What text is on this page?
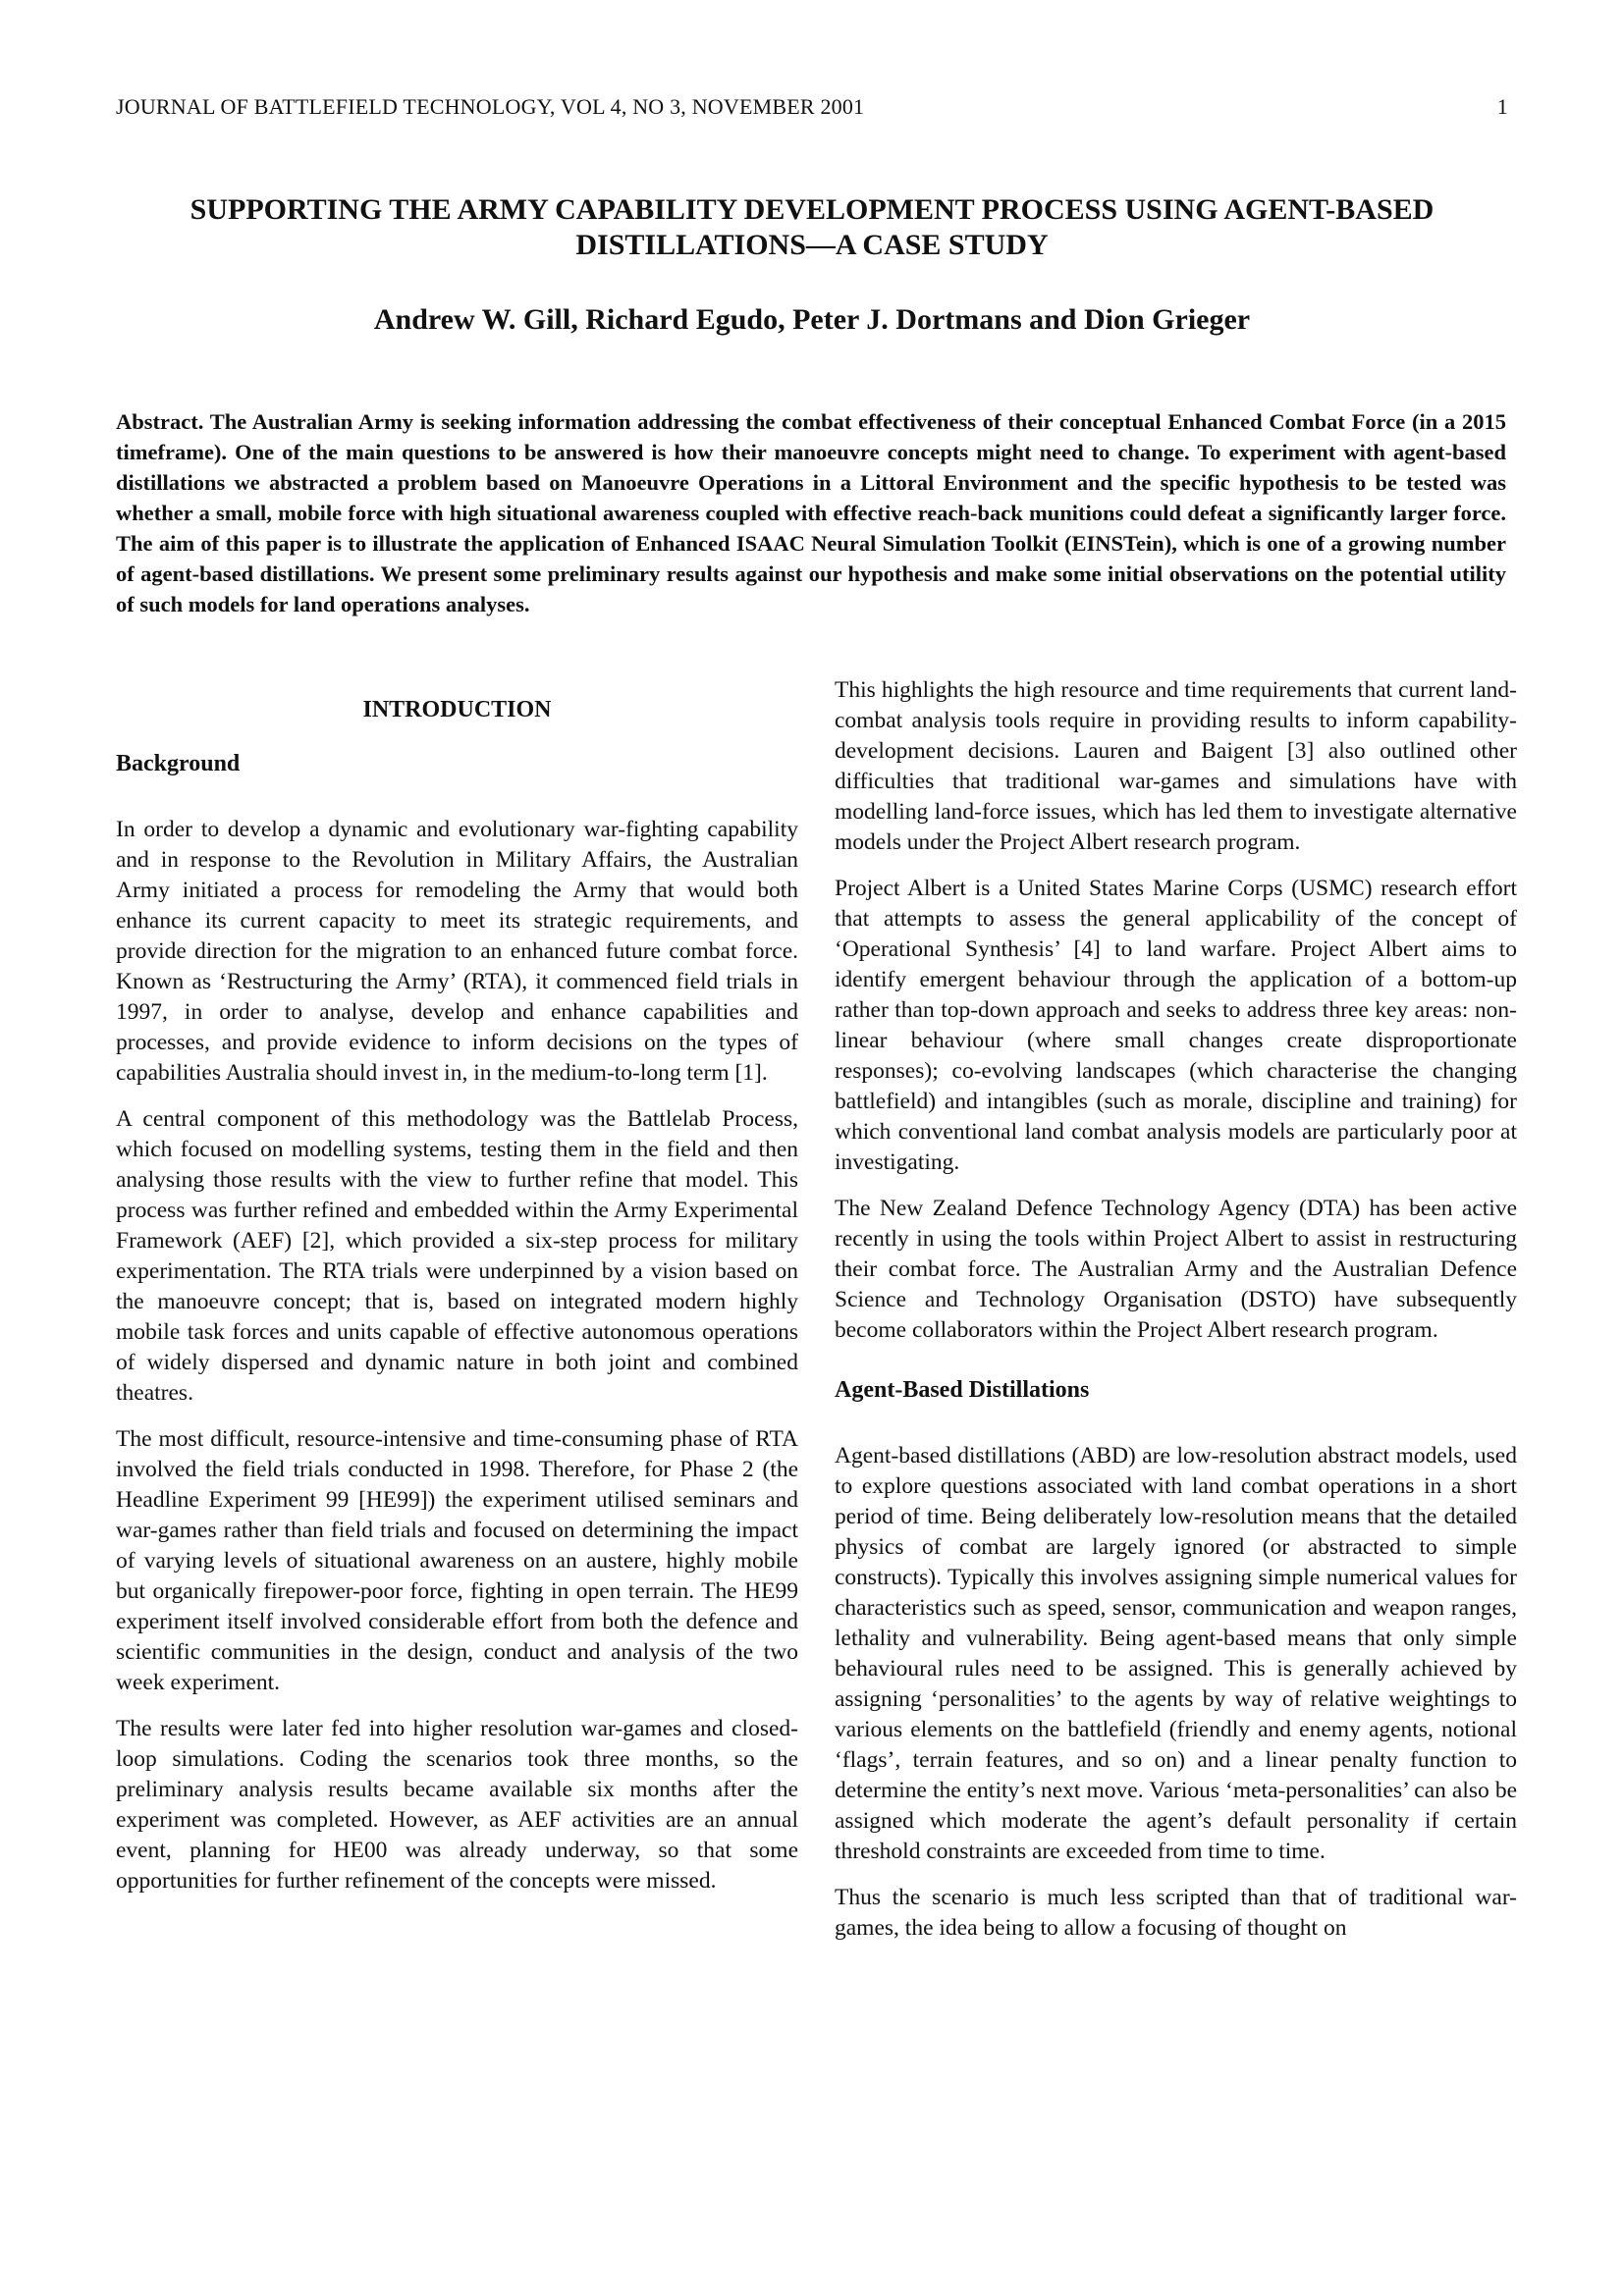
JOURNAL OF BATTLEFIELD TECHNOLOGY, VOL 4, NO 3, NOVEMBER 2001	1
SUPPORTING THE ARMY CAPABILITY DEVELOPMENT PROCESS USING AGENT-BASED DISTILLATIONS—A CASE STUDY
Andrew W. Gill, Richard Egudo, Peter J. Dortmans and Dion Grieger
Abstract. The Australian Army is seeking information addressing the combat effectiveness of their conceptual Enhanced Combat Force (in a 2015 timeframe). One of the main questions to be answered is how their manoeuvre concepts might need to change. To experiment with agent-based distillations we abstracted a problem based on Manoeuvre Operations in a Littoral Environment and the specific hypothesis to be tested was whether a small, mobile force with high situational awareness coupled with effective reach-back munitions could defeat a significantly larger force. The aim of this paper is to illustrate the application of Enhanced ISAAC Neural Simulation Toolkit (EINSTein), which is one of a growing number of agent-based distillations. We present some preliminary results against our hypothesis and make some initial observations on the potential utility of such models for land operations analyses.
INTRODUCTION
Background

In order to develop a dynamic and evolutionary war-fighting capability and in response to the Revolution in Military Affairs, the Australian Army initiated a process for remodeling the Army that would both enhance its current capacity to meet its strategic requirements, and provide direction for the migration to an enhanced future combat force. Known as ‘Restructuring the Army’ (RTA), it commenced field trials in 1997, in order to analyse, develop and enhance capabilities and processes, and provide evidence to inform decisions on the types of capabilities Australia should invest in, in the medium-to-long term [1].

A central component of this methodology was the Battlelab Process, which focused on modelling systems, testing them in the field and then analysing those results with the view to further refine that model. This process was further refined and embedded within the Army Experimental Framework (AEF) [2], which provided a six-step process for military experimentation. The RTA trials were underpinned by a vision based on the manoeuvre concept; that is, based on integrated modern highly mobile task forces and units capable of effective autonomous operations of widely dispersed and dynamic nature in both joint and combined theatres.

The most difficult, resource-intensive and time-consuming phase of RTA involved the field trials conducted in 1998. Therefore, for Phase 2 (the Headline Experiment 99 [HE99]) the experiment utilised seminars and war-games rather than field trials and focused on determining the impact of varying levels of situational awareness on an austere, highly mobile but organically firepower-poor force, fighting in open terrain. The HE99 experiment itself involved considerable effort from both the defence and scientific communities in the design, conduct and analysis of the two week experiment.

The results were later fed into higher resolution war-games and closed-loop simulations. Coding the scenarios took three months, so the preliminary analysis results became available six months after the experiment was completed. However, as AEF activities are an annual event, planning for HE00 was already underway, so that some opportunities for further refinement of the concepts were missed.

This highlights the high resource and time requirements that current land-combat analysis tools require in providing results to inform capability-development decisions. Lauren and Baigent [3] also outlined other difficulties that traditional war-games and simulations have with modelling land-force issues, which has led them to investigate alternative models under the Project Albert research program.

Project Albert is a United States Marine Corps (USMC) research effort that attempts to assess the general applicability of the concept of ‘Operational Synthesis’ [4] to land warfare. Project Albert aims to identify emergent behaviour through the application of a bottom-up rather than top-down approach and seeks to address three key areas: non-linear behaviour (where small changes create disproportionate responses); co-evolving landscapes (which characterise the changing battlefield) and intangibles (such as morale, discipline and training) for which conventional land combat analysis models are particularly poor at investigating.

The New Zealand Defence Technology Agency (DTA) has been active recently in using the tools within Project Albert to assist in restructuring their combat force. The Australian Army and the Australian Defence Science and Technology Organisation (DSTO) have subsequently become collaborators within the Project Albert research program.

Agent-Based Distillations

Agent-based distillations (ABD) are low-resolution abstract models, used to explore questions associated with land combat operations in a short period of time. Being deliberately low-resolution means that the detailed physics of combat are largely ignored (or abstracted to simple constructs). Typically this involves assigning simple numerical values for characteristics such as speed, sensor, communication and weapon ranges, lethality and vulnerability. Being agent-based means that only simple behavioural rules need to be assigned. This is generally achieved by assigning ‘personalities’ to the agents by way of relative weightings to various elements on the battlefield (friendly and enemy agents, notional ‘flags’, terrain features, and so on) and a linear penalty function to determine the entity’s next move. Various ‘meta-personalities’ can also be assigned which moderate the agent’s default personality if certain threshold constraints are exceeded from time to time.

Thus the scenario is much less scripted than that of traditional war-games, the idea being to allow a focusing of thought on
